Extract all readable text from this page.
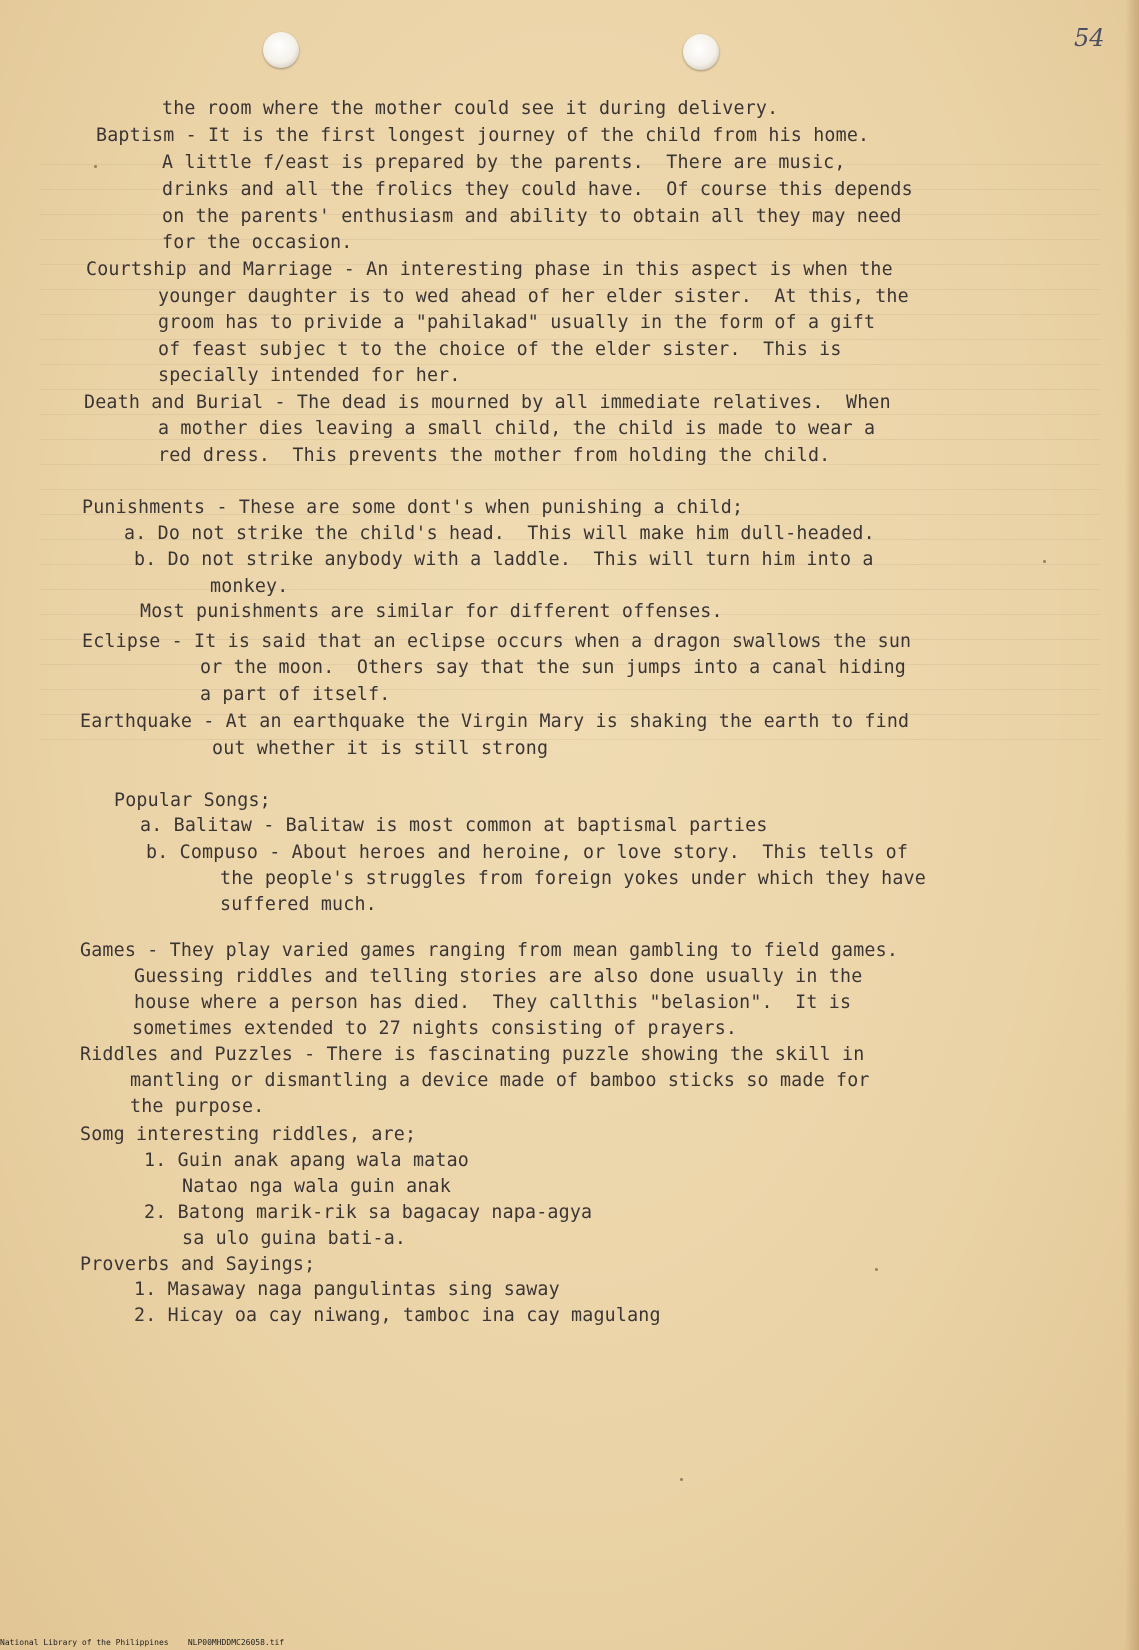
54
the room where the mother could see it during delivery.
Baptism - It is the first longest journey of the child from his home.
A little f/east is prepared by the parents.  There are music,
drinks and all the frolics they could have.  Of course this depends
on the parents' enthusiasm and ability to obtain all they may need
for the occasion.
Courtship and Marriage - An interesting phase in this aspect is when the
younger daughter is to wed ahead of her elder sister.  At this, the
groom has to privide a "pahilakad" usually in the form of a gift
of feast subjec t to the choice of the elder sister.  This is
specially intended for her.
Death and Burial - The dead is mourned by all immediate relatives.  When
a mother dies leaving a small child, the child is made to wear a
red dress.  This prevents the mother from holding the child.
Punishments - These are some dont's when punishing a child;
a. Do not strike the child's head.  This will make him dull-headed.
b. Do not strike anybody with a laddle.  This will turn him into a
monkey.
Most punishments are similar for different offenses.
Eclipse - It is said that an eclipse occurs when a dragon swallows the sun
or the moon.  Others say that the sun jumps into a canal hiding
a part of itself.
Earthquake - At an earthquake the Virgin Mary is shaking the earth to find
out whether it is still strong
Popular Songs;
a. Balitaw - Balitaw is most common at baptismal parties
b. Compuso - About heroes and heroine, or love story.  This tells of
the people's struggles from foreign yokes under which they have
suffered much.
Games - They play varied games ranging from mean gambling to field games.
Guessing riddles and telling stories are also done usually in the
house where a person has died.  They callthis "belasion".  It is
sometimes extended to 27 nights consisting of prayers.
Riddles and Puzzles - There is fascinating puzzle showing the skill in
mantling or dismantling a device made of bamboo sticks so made for
the purpose.
Somg interesting riddles, are;
1. Guin anak apang wala matao
Natao nga wala guin anak
2. Batong marik-rik sa bagacay napa-agya
sa ulo guina bati-a.
Proverbs and Sayings;
1. Masaway naga pangulintas sing saway
2. Hicay oa cay niwang, tamboc ina cay magulang
National Library of the Philippines    NLP00MHDDMC26058.tif
